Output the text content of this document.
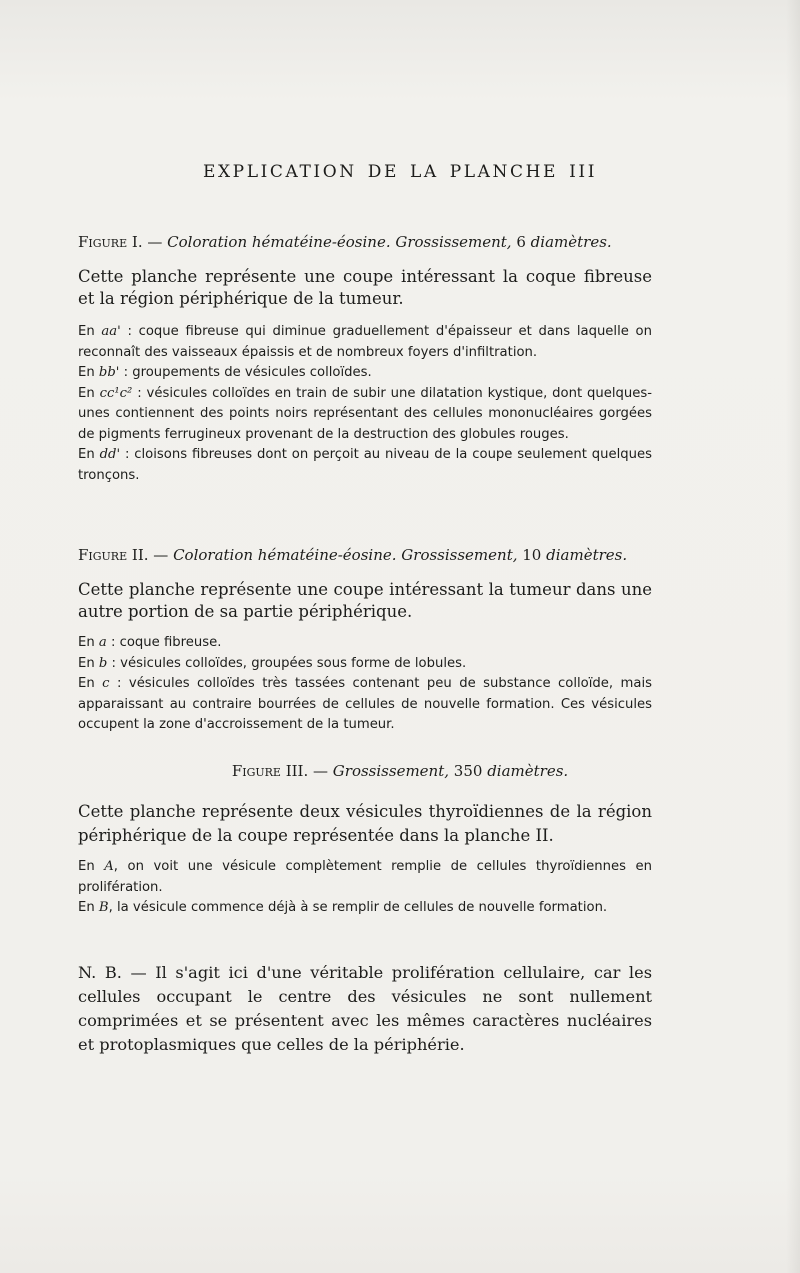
EXPLICATION DE LA PLANCHE III
Figure I. — Coloration hématéine-éosine. Grossissement, 6 diamètres.
Cette planche représente une coupe intéressant la coque fibreuse et la région périphérique de la tumeur.
En aa' : coque fibreuse qui diminue graduellement d'épaisseur et dans laquelle on reconnaît des vaisseaux épaissis et de nombreux foyers d'infiltration.
En bb' : groupements de vésicules colloïdes.
En cc¹c² : vésicules colloïdes en train de subir une dilatation kystique, dont quelques-unes contiennent des points noirs représentant des cellules mononucléaires gorgées de pigments ferrugineux provenant de la destruction des globules rouges.
En dd' : cloisons fibreuses dont on perçoit au niveau de la coupe seulement quelques tronçons.
Figure II. — Coloration hématéine-éosine. Grossissement, 10 diamètres.
Cette planche représente une coupe intéressant la tumeur dans une autre portion de sa partie périphérique.
En a : coque fibreuse.
En b : vésicules colloïdes, groupées sous forme de lobules.
En c : vésicules colloïdes très tassées contenant peu de substance colloïde, mais apparaissant au contraire bourrées de cellules de nouvelle formation. Ces vésicules occupent la zone d'accroissement de la tumeur.
Figure III. — Grossissement, 350 diamètres.
Cette planche représente deux vésicules thyroïdiennes de la région périphérique de la coupe représentée dans la planche II.
En A, on voit une vésicule complètement remplie de cellules thyroïdiennes en prolifération.
En B, la vésicule commence déjà à se remplir de cellules de nouvelle formation.
N. B. — Il s'agit ici d'une véritable prolifération cellulaire, car les cellules occupant le centre des vésicules ne sont nullement comprimées et se présentent avec les mêmes caractères nucléaires et protoplasmiques que celles de la périphérie.
